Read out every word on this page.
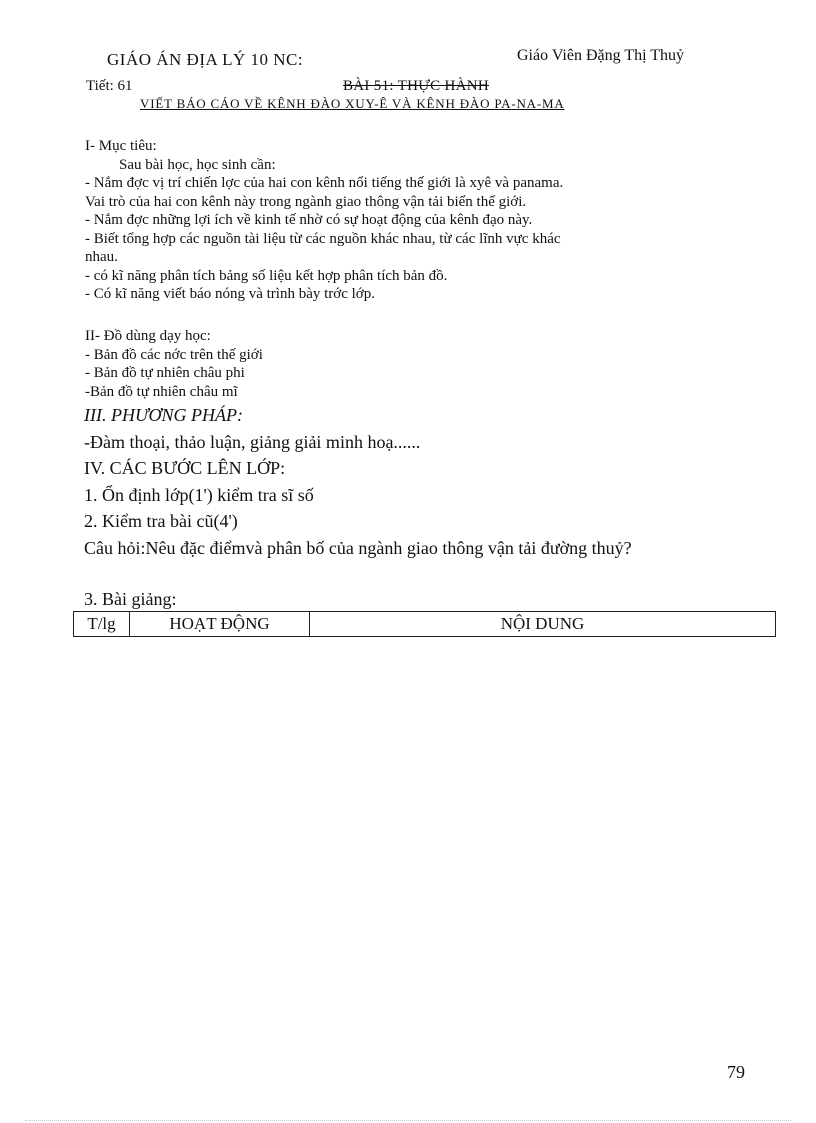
GIÁO ÁN ĐỊA LÝ 10 NC:	Giáo Viên Đặng Thị Thuỷ
Tiết: 61	BÀI 51: THỰC HÀNH
VIẾT BÁO CÁO VỀ KÊNH ĐÀO XUY-Ê VÀ KÊNH ĐÀO PA-NA-MA
I- Mục tiêu:
Sau bài học, học sinh cần:
- Nắm đợc vị trí chiến lợc của hai con kênh nổi tiếng thế giới là xyê và panama.
Vai trò của hai con kênh này trong ngành giao thông vận tải biển thế giới.
- Nắm đợc những lợi ích về kinh tế nhờ có sự hoạt động của kênh đạo này.
- Biết tổng hợp các nguồn tài liệu từ các nguồn khác nhau, từ các lĩnh vực khác
nhau.
- có kĩ năng phân tích bảng số liệu kết hợp phân tích bản đồ.
- Có kĩ năng viết báo nóng và trình bày trớc lớp.
II- Đồ dùng dạy học:
- Bản đồ các nớc trên thế giới
- Bản đồ tự nhiên châu phi
-Bản đồ tự nhiên châu mĩ
III. PHƯƠNG PHÁP:
-Đàm thoại, thảo luận, giảng giải minh hoạ......
IV. CÁC BƯỚC LÊN LỚP:
1. Ổn định lớp(1') kiểm tra sĩ số
2. Kiểm tra bài cũ(4')
Câu hỏi:Nêu đặc điểmvà phân bố của ngành giao thông vận tải đường thuỷ?
3. Bài giảng:
T/lg	HOẠT ĐỘNG	NỘI DUNG
79
